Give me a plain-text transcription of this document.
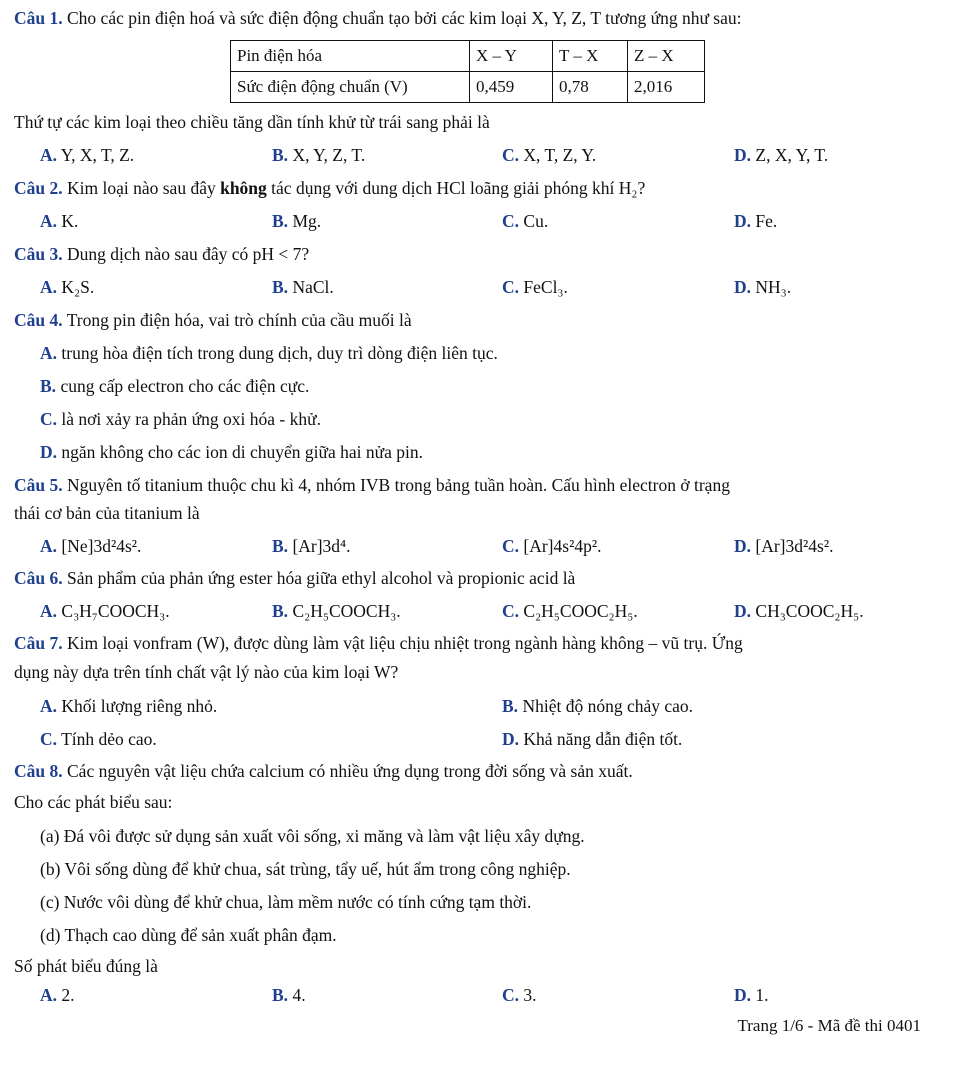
Câu 1. Cho các pin điện hoá và sức điện động chuẩn tạo bởi các kim loại X, Y, Z, T tương ứng như sau:
Pin điện hóa	X – Y	T – X	Z – X
Sức điện động chuẩn (V)	0,459	0,78	2,016
Thứ tự các kim loại theo chiều tăng dần tính khử từ trái sang phải là
A. Y, X, T, Z.	B. X, Y, Z, T.	C. X, T, Z, Y.	D. Z, X, Y, T.
Câu 2. Kim loại nào sau đây không tác dụng với dung dịch HCl loãng giải phóng khí H₂?
A. K.	B. Mg.	C. Cu.	D. Fe.
Câu 3. Dung dịch nào sau đây có pH < 7?
A. K₂S.	B. NaCl.	C. FeCl₃.	D. NH₃.
Câu 4. Trong pin điện hóa, vai trò chính của cầu muối là
A. trung hòa điện tích trong dung dịch, duy trì dòng điện liên tục.
B. cung cấp electron cho các điện cực.
C. là nơi xảy ra phản ứng oxi hóa - khử.
D. ngăn không cho các ion di chuyển giữa hai nửa pin.
Câu 5. Nguyên tố titanium thuộc chu kì 4, nhóm IVB trong bảng tuần hoàn. Cấu hình electron ở trạng
thái cơ bản của titanium là
A. [Ne]3d²4s².	B. [Ar]3d⁴.	C. [Ar]4s²4p².	D. [Ar]3d²4s².
Câu 6. Sản phẩm của phản ứng ester hóa giữa ethyl alcohol và propionic acid là
A. C₃H₇COOCH₃.	B. C₂H₅COOCH₃.	C. C₂H₅COOC₂H₅.	D. CH₃COOC₂H₅.
Câu 7. Kim loại vonfram (W), được dùng làm vật liệu chịu nhiệt trong ngành hàng không – vũ trụ. Ứng
dụng này dựa trên tính chất vật lý nào của kim loại W?
A. Khối lượng riêng nhỏ.	B. Nhiệt độ nóng chảy cao.
C. Tính dẻo cao.	D. Khả năng dẫn điện tốt.
Câu 8. Các nguyên vật liệu chứa calcium có nhiều ứng dụng trong đời sống và sản xuất.
Cho các phát biểu sau:
(a) Đá vôi được sử dụng sản xuất vôi sống, xi măng và làm vật liệu xây dựng.
(b) Vôi sống dùng để khử chua, sát trùng, tẩy uế, hút ẩm trong công nghiệp.
(c) Nước vôi dùng để khử chua, làm mềm nước có tính cứng tạm thời.
(d) Thạch cao dùng để sản xuất phân đạm.
Số phát biểu đúng là
A. 2.	B. 4.	C. 3.	D. 1.
Trang 1/6 - Mã đề thi 0401
